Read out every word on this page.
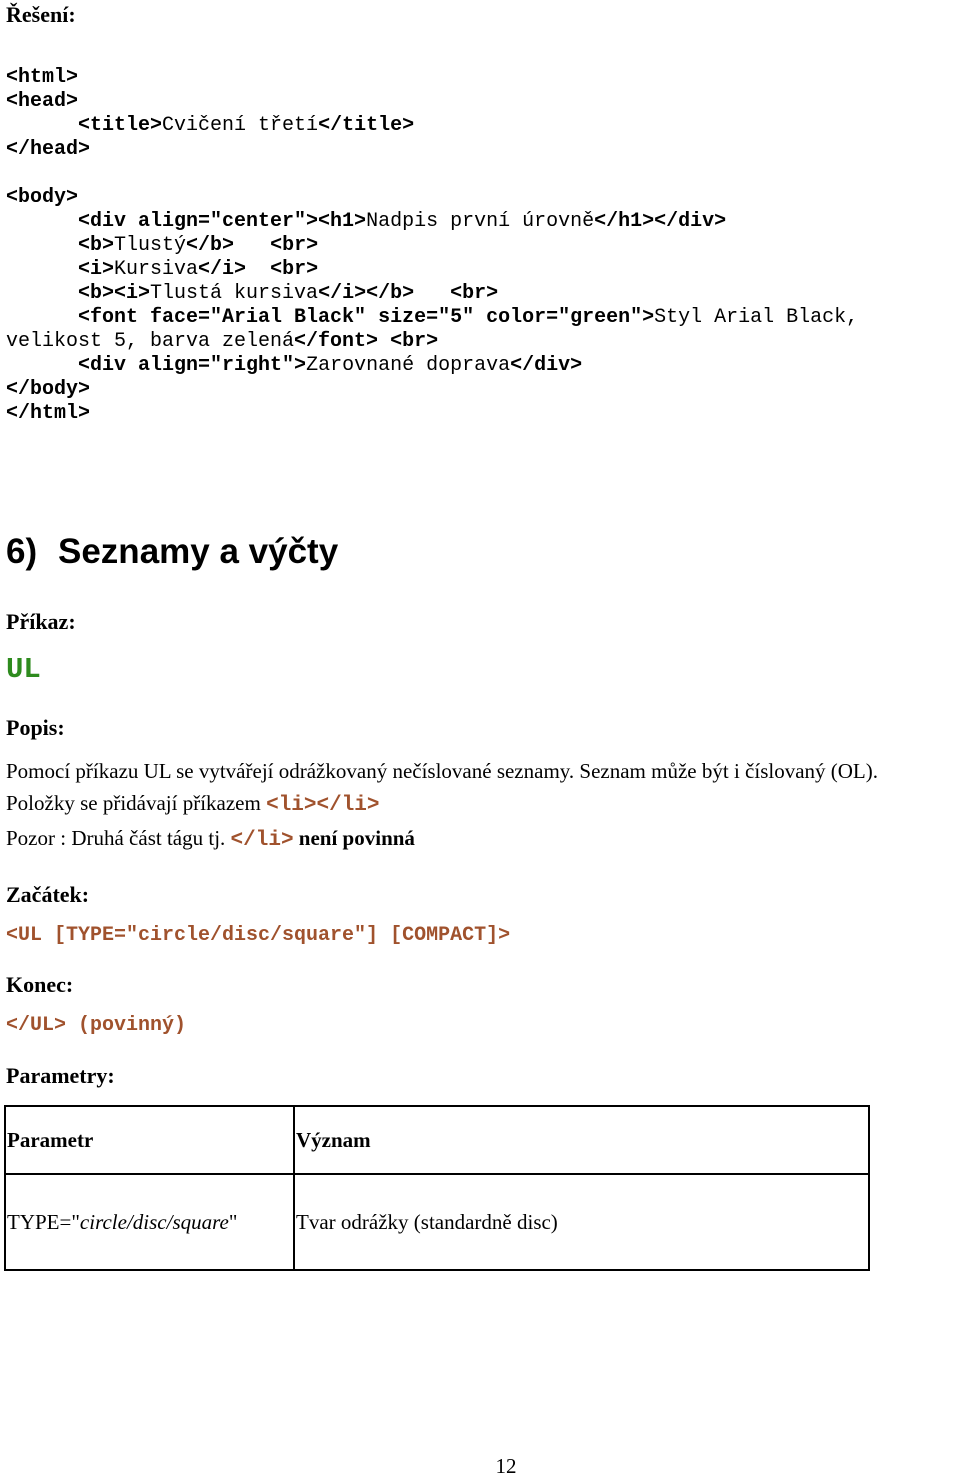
Řešení:
<html>
<head>
<title>Cvičení třetí</title>
</head>

<body>
<div align="center"><h1>Nadpis první úrovně</h1></div>
<b>Tlustý</b> <br>
<i>Kursiva</i> <br>
<b><i>Tlustá kursiva</i></b> <br>
<font face="Arial Black" size="5" color="green">Styl Arial Black,
velikost 5, barva zelená</font> <br>
<div align="right">Zarovnané doprava</div>
</body>
</html>

6) Seznamy a výčty
Příkaz:
UL
Popis:
Pomocí příkazu UL se vytvářejí odrážkovaný nečíslované seznamy. Seznam může být i číslovaný (OL).
Položky se přidávají příkazem <li></li>
Pozor : Druhá část tágu tj. </li> není povinná
Začátek:
<UL [TYPE="circle/disc/square"] [COMPACT]>
Konec:
</UL> (povinný)
Parametry:
Parametr	Význam
TYPE="circle/disc/square"	Tvar odrážky (standardně disc)
12
